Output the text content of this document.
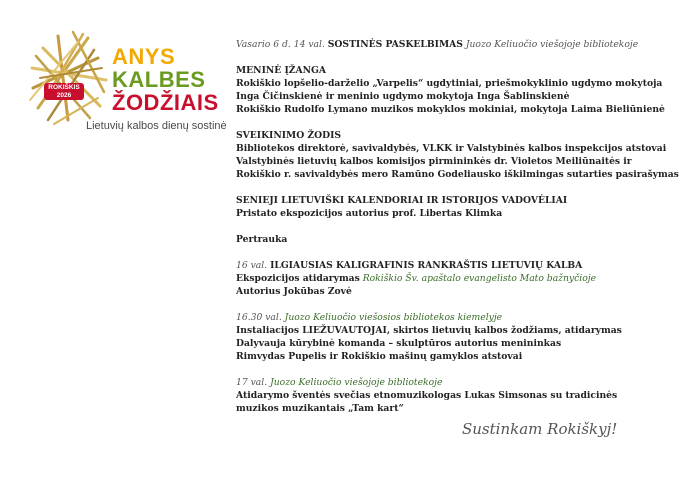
ROKIŠKIS
2026
ANYS
KALBES
ŽODŽIAIS
Lietuvių kalbos dienų sostinė
Vasario 6 d. 14 val. SOSTINĖS PASKELBIMAS Juozo Keliuočio viešojoje bibliotekoje
MENINĖ ĮŽANGA
Rokiškio lopšelio-darželio „Varpelis“ ugdytiniai, priešmokyklinio ugdymo mokytoja
Inga Čičinskienė ir meninio ugdymo mokytoja Inga Šablinskienė
Rokiškio Rudolfo Lymano muzikos mokyklos mokiniai, mokytoja Laima Bieliūnienė
SVEIKINIMO ŽODIS
Bibliotekos direktorė, savivaldybės, VLKK ir Valstybinės kalbos inspekcijos atstovai
Valstybinės lietuvių kalbos komisijos pirmininkės dr. Violetos Meiliūnaitės ir
Rokiškio r. savivaldybės mero Ramūno Godeliausko iškilmingas sutarties pasirašymas
SENIEJI LIETUVIŠKI KALENDORIAI IR ISTORIJOS VADOVĖLIAI
Pristato ekspozicijos autorius prof. Libertas Klimka
Pertrauka
16 val. ILGIAUSIAS KALIGRAFINIS RANKRAŠTIS LIETUVIŲ KALBA
Ekspozicijos atidarymas Rokiškio Šv. apaštalo evangelisto Mato bažnyčioje
Autorius Jokūbas Zovė
16.30 val. Juozo Keliuočio viešosios bibliotekos kiemelyje
Instaliacijos LIEŽUVAUTOJAI, skirtos lietuvių kalbos žodžiams, atidarymas
Dalyvauja kūrybinė komanda – skulptūros autorius menininkas
Rimvydas Pupelis ir Rokiškio mašinų gamyklos atstovai
17 val. Juozo Keliuočio viešojoje bibliotekoje
Atidarymo šventės svečias etnomuzikologas Lukas Simsonas su tradicinės
muzikos muzikantais „Tam kart“
Sustinkam Rokiškyj!
